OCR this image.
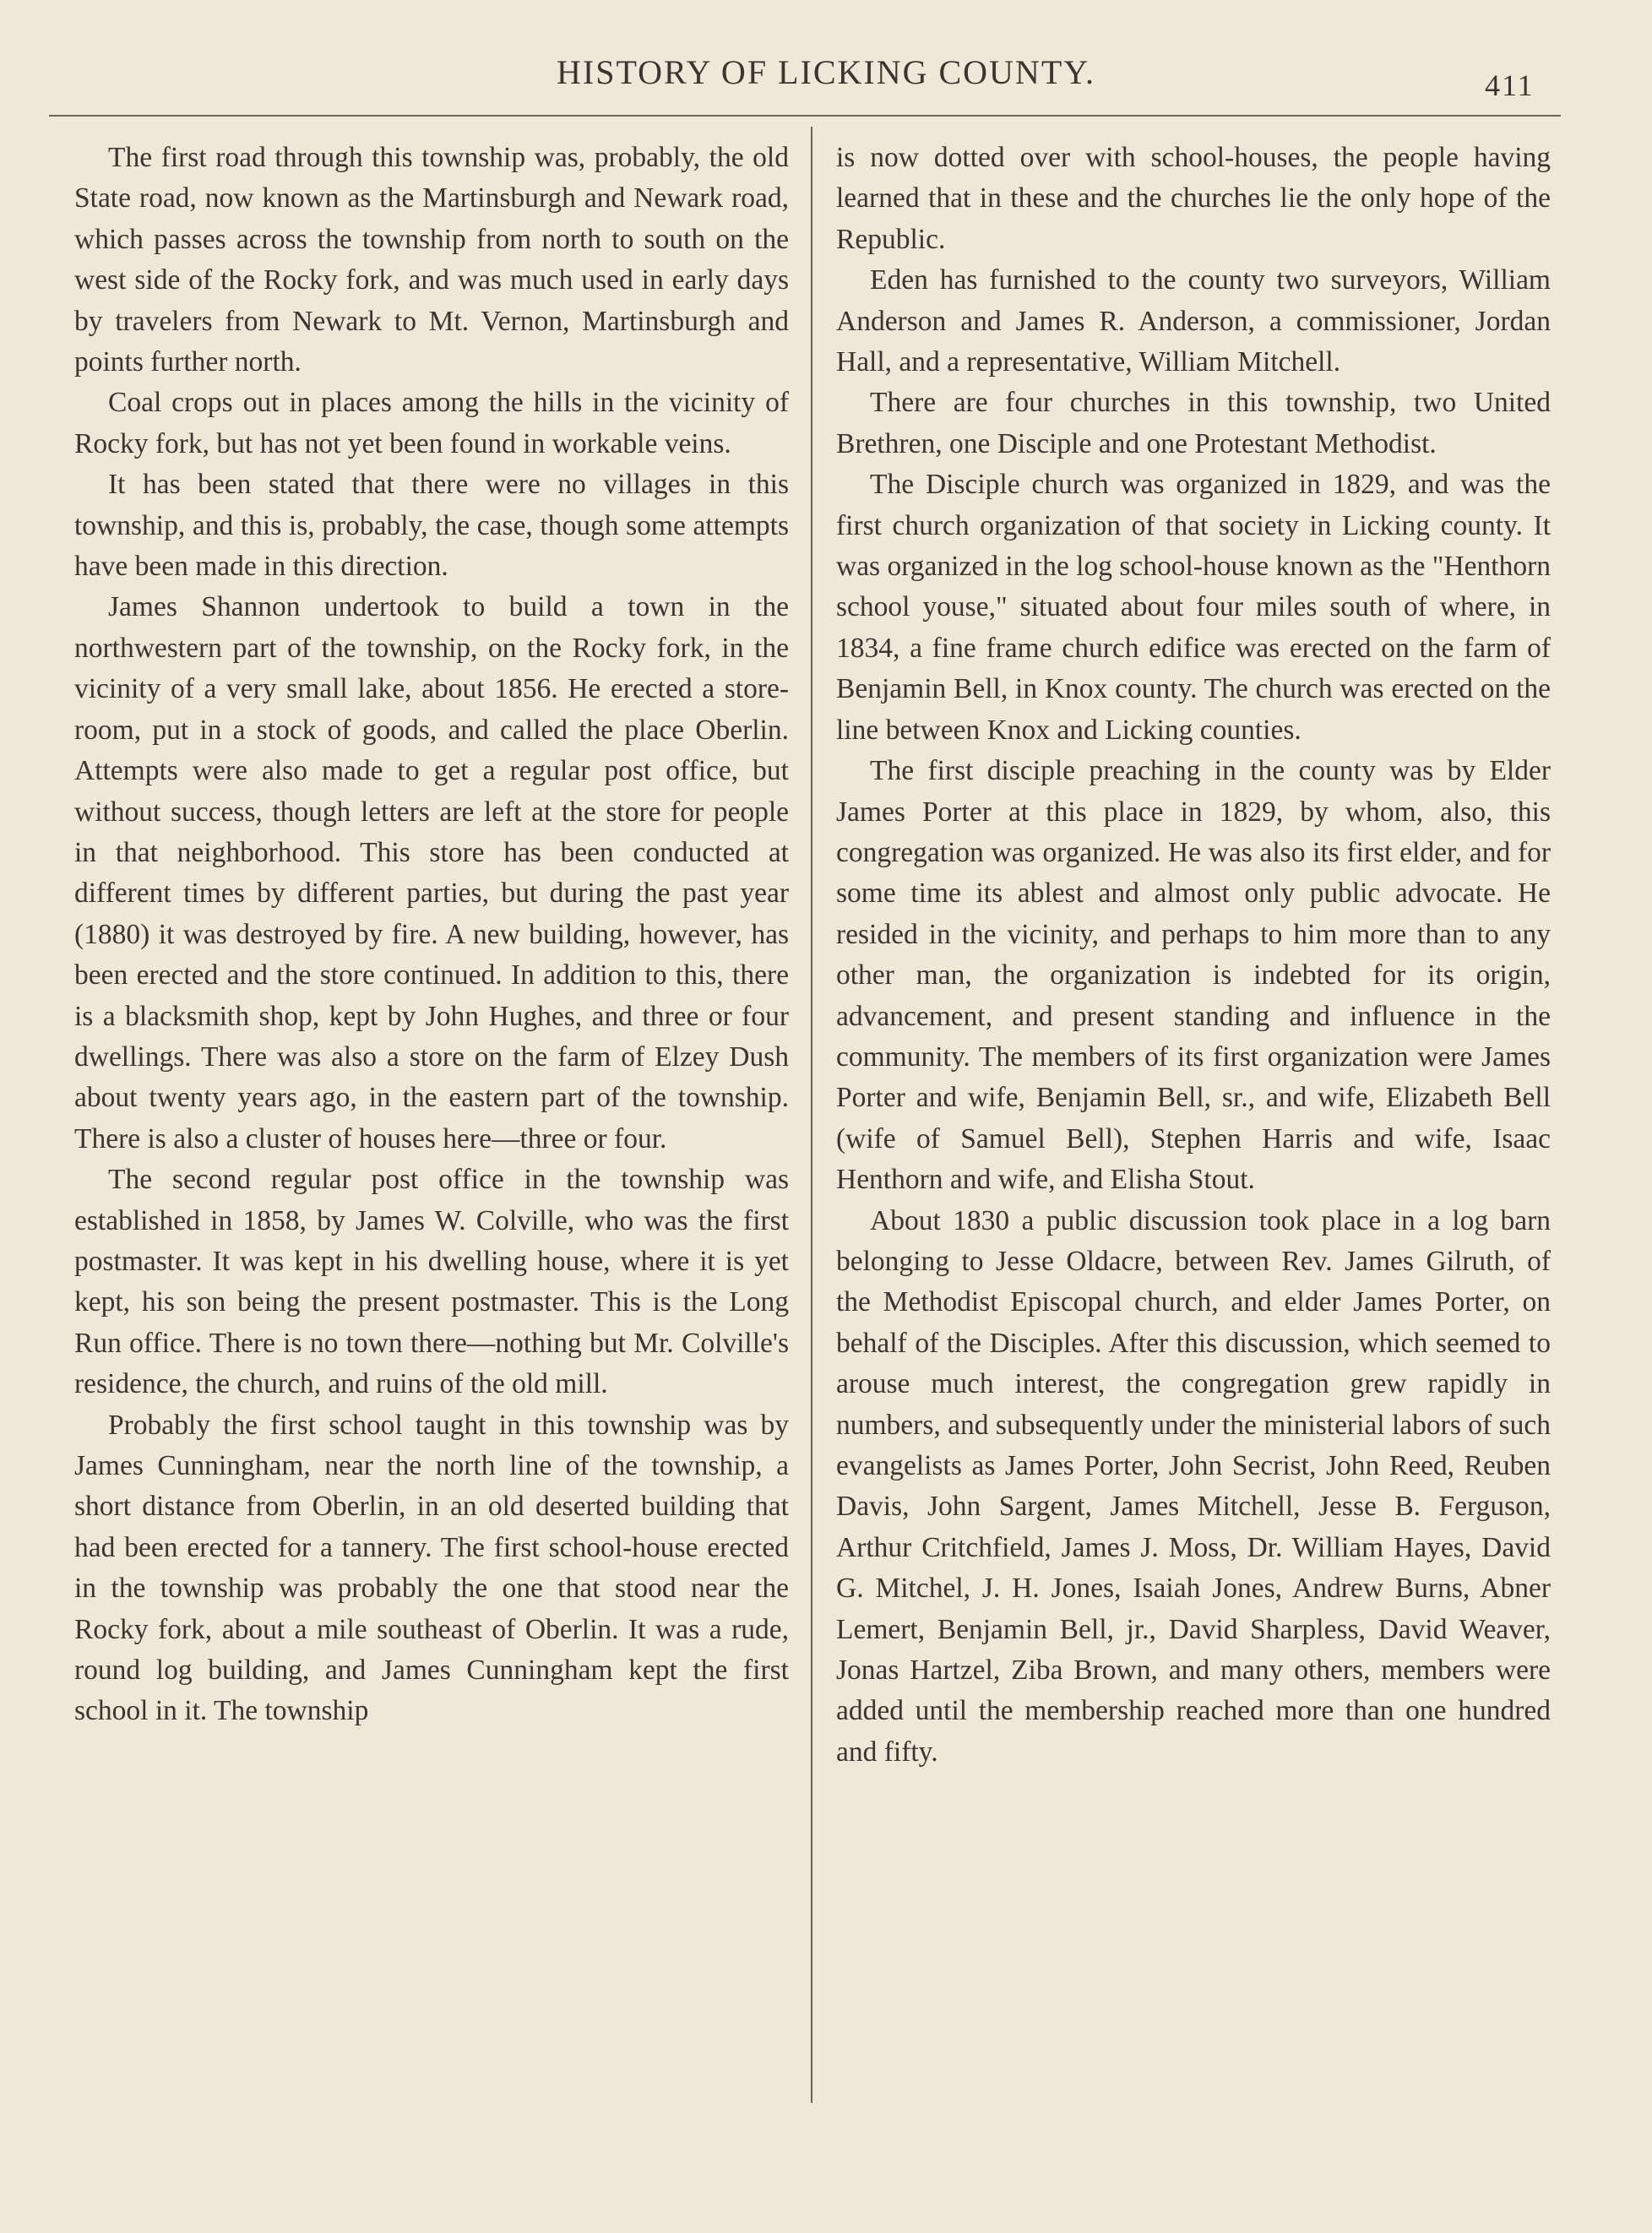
HISTORY OF LICKING COUNTY.	411

The first road through this township was, probably, the old State road, now known as the Martinsburgh and Newark road, which passes across the township from north to south on the west side of the Rocky fork, and was much used in early days by travelers from Newark to Mt. Vernon, Martinsburgh and points further north.

Coal crops out in places among the hills in the vicinity of Rocky fork, but has not yet been found in workable veins.

It has been stated that there were no villages in this township, and this is, probably, the case, though some attempts have been made in this direction.

James Shannon undertook to build a town in the northwestern part of the township, on the Rocky fork, in the vicinity of a very small lake, about 1856. He erected a store-room, put in a stock of goods, and called the place Oberlin. Attempts were also made to get a regular post office, but without success, though letters are left at the store for people in that neighborhood. This store has been conducted at different times by different parties, but during the past year (1880) it was destroyed by fire. A new building, however, has been erected and the store continued. In addition to this, there is a blacksmith shop, kept by John Hughes, and three or four dwellings. There was also a store on the farm of Elzey Dush about twenty years ago, in the eastern part of the township. There is also a cluster of houses here—three or four.

The second regular post office in the township was established in 1858, by James W. Colville, who was the first postmaster. It was kept in his dwelling house, where it is yet kept, his son being the present postmaster. This is the Long Run office. There is no town there—nothing but Mr. Colville's residence, the church, and ruins of the old mill.

Probably the first school taught in this township was by James Cunningham, near the north line of the township, a short distance from Oberlin, in an old deserted building that had been erected for a tannery. The first school-house erected in the township was probably the one that stood near the Rocky fork, about a mile southeast of Oberlin. It was a rude, round log building, and James Cunningham kept the first school in it. The township

is now dotted over with school-houses, the people having learned that in these and the churches lie the only hope of the Republic.

Eden has furnished to the county two surveyors, William Anderson and James R. Anderson, a commissioner, Jordan Hall, and a representative, William Mitchell.

There are four churches in this township, two United Brethren, one Disciple and one Protestant Methodist.

The Disciple church was organized in 1829, and was the first church organization of that society in Licking county. It was organized in the log school-house known as the "Henthorn school youse," situated about four miles south of where, in 1834, a fine frame church edifice was erected on the farm of Benjamin Bell, in Knox county. The church was erected on the line between Knox and Licking counties.

The first disciple preaching in the county was by Elder James Porter at this place in 1829, by whom, also, this congregation was organized. He was also its first elder, and for some time its ablest and almost only public advocate. He resided in the vicinity, and perhaps to him more than to any other man, the organization is indebted for its origin, advancement, and present standing and influence in the community. The members of its first organization were James Porter and wife, Benjamin Bell, sr., and wife, Elizabeth Bell (wife of Samuel Bell), Stephen Harris and wife, Isaac Henthorn and wife, and Elisha Stout.

About 1830 a public discussion took place in a log barn belonging to Jesse Oldacre, between Rev. James Gilruth, of the Methodist Episcopal church, and elder James Porter, on behalf of the Disciples. After this discussion, which seemed to arouse much interest, the congregation grew rapidly in numbers, and subsequently under the ministerial labors of such evangelists as James Porter, John Secrist, John Reed, Reuben Davis, John Sargent, James Mitchell, Jesse B. Ferguson, Arthur Critchfield, James J. Moss, Dr. William Hayes, David G. Mitchel, J. H. Jones, Isaiah Jones, Andrew Burns, Abner Lemert, Benjamin Bell, jr., David Sharpless, David Weaver, Jonas Hartzel, Ziba Brown, and many others, members were added until the membership reached more than one hundred and fifty.
